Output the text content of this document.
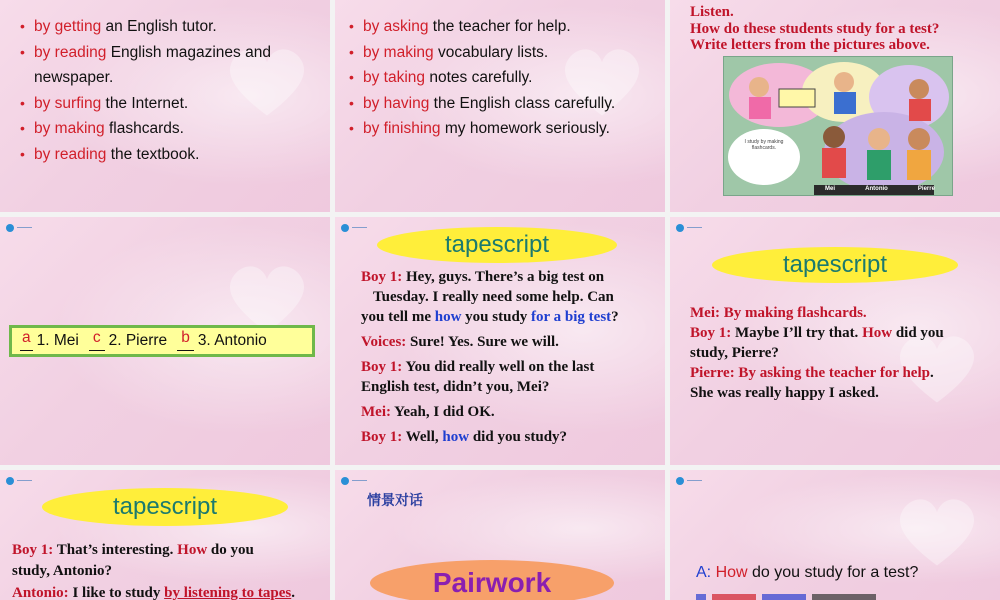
• by getting an English tutor.
• by reading English magazines and
newspaper.
• by surfing the Internet.
• by making flashcards.
• by reading the textbook.
• by asking the teacher for help.
• by making vocabulary lists.
• by taking notes carefully.
• by having the English class carefully.
• by finishing my homework seriously.
Listen.
How do these students study for a test?
Write letters from the pictures above.
I study by making flashcards.
Mei	Antonio	Pierre
———
a 1. Mei c 2. Pierre b 3. Antonio
———
tapescript

Boy 1: Hey, guys. There’s a big test on

Tuesday. I really need some help. Can

you tell me how you study for a big test?

Voices: Sure! Yes. Sure we will.

Boy 1: You did really well on the last

English test, didn’t you, Mei?

Mei: Yeah, I did OK.

Boy 1: Well, how did you study?

———
tapescript

Mei: By making flashcards.

Boy 1: Maybe I’ll try that. How did you

study, Pierre?

Pierre: By asking the teacher for help.

She was really happy I asked.

———
tapescript

Boy 1: That’s interesting. How do you

study, Antonio?

Antonio: I like to study by listening to tapes.

———
情景对话
Pairwork
———
A: How do you study for a test?
